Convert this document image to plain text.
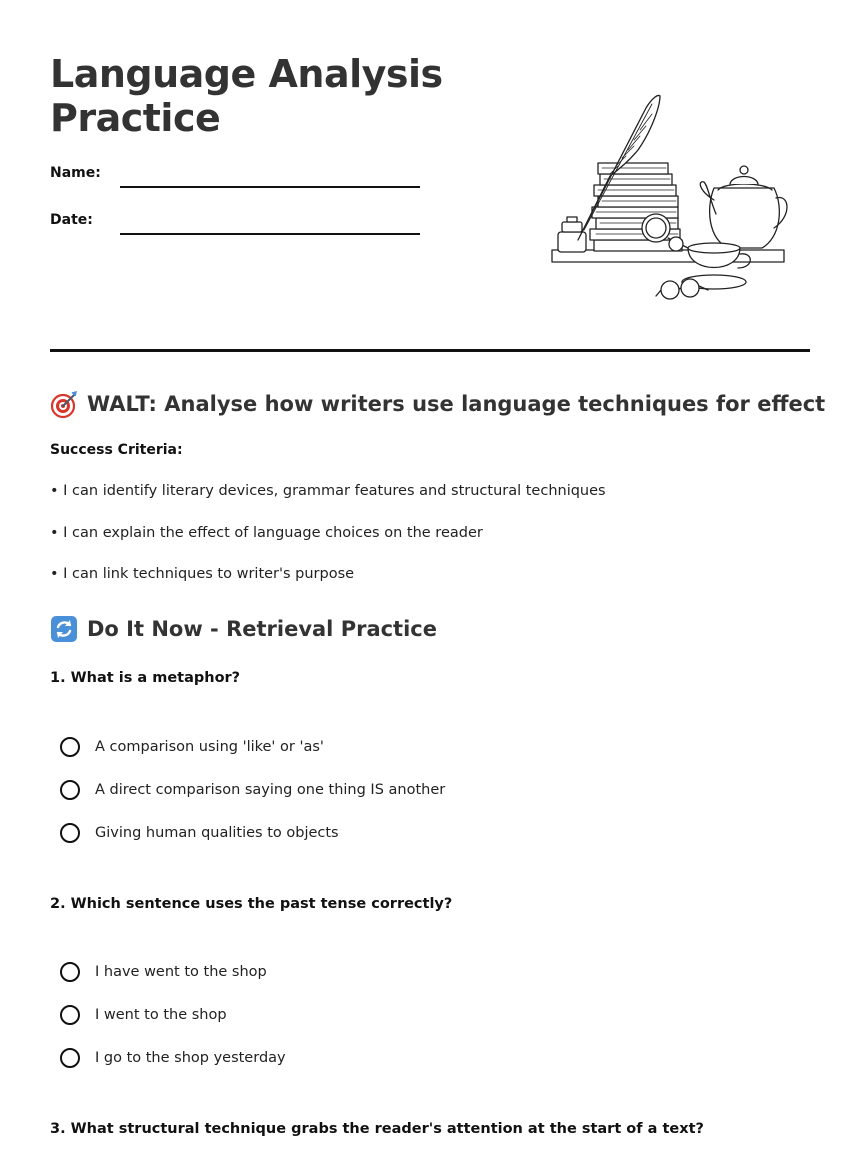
Language Analysis Practice
Name:
Date:
WALT: Analyse how writers use language techniques for effect
Success Criteria:
• I can identify literary devices, grammar features and structural techniques
• I can explain the effect of language choices on the reader
• I can link techniques to writer's purpose
Do It Now - Retrieval Practice
1. What is a metaphor?
A comparison using 'like' or 'as'
A direct comparison saying one thing IS another
Giving human qualities to objects
2. Which sentence uses the past tense correctly?
I have went to the shop
I went to the shop
I go to the shop yesterday
3. What structural technique grabs the reader's attention at the start of a text?
